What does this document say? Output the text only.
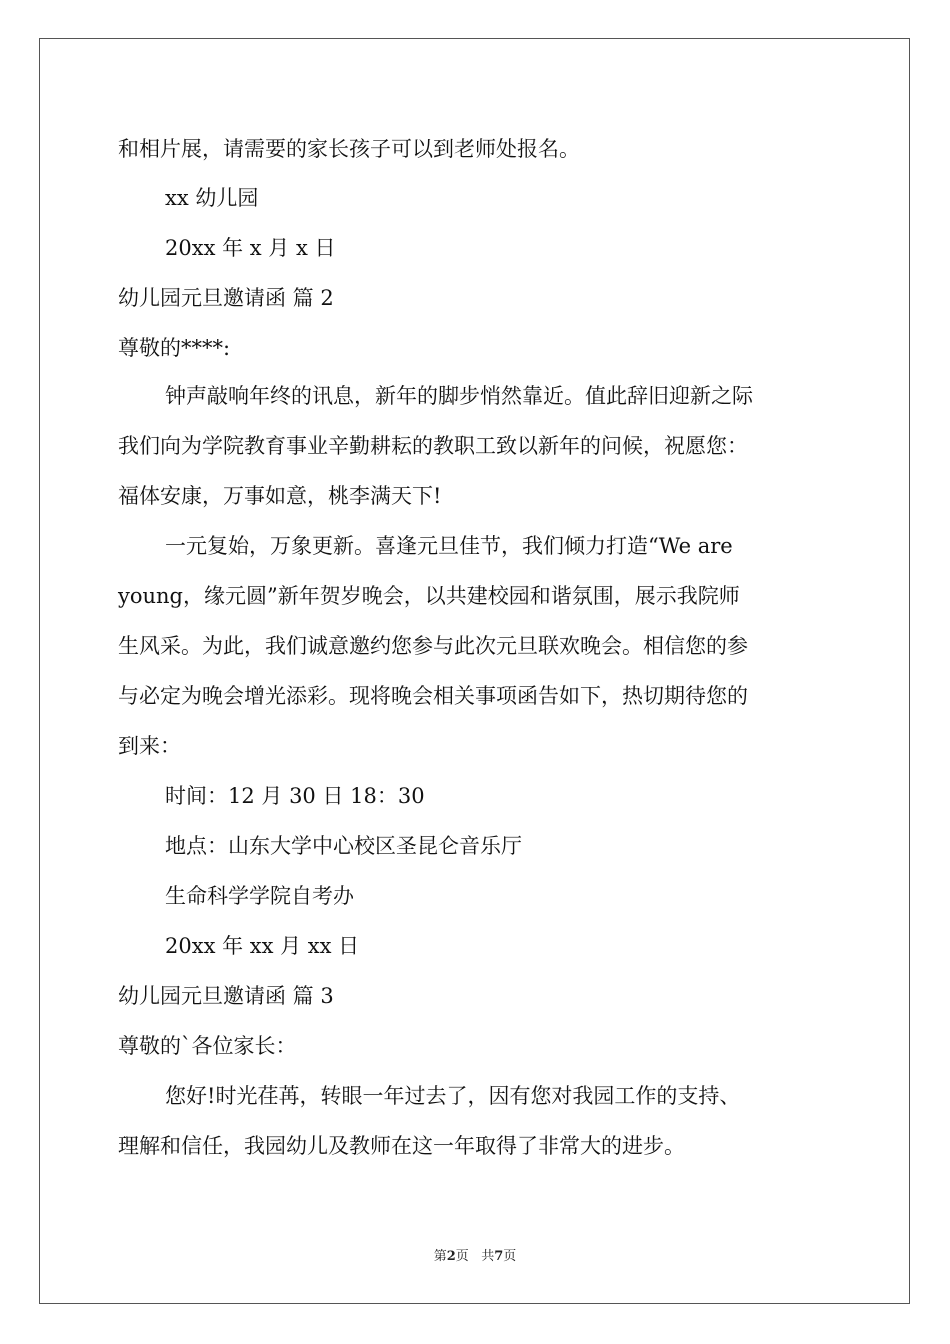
和相片展，请需要的家长孩子可以到老师处报名。
xx 幼儿园
20xx 年 x 月 x 日
幼儿园元旦邀请函 篇 2
尊敬的****:
钟声敲响年终的讯息，新年的脚步悄然靠近。值此辞旧迎新之际
我们向为学院教育事业辛勤耕耘的教职工致以新年的问候，祝愿您：
福体安康，万事如意，桃李满天下!
一元复始，万象更新。喜逢元旦佳节，我们倾力打造“We are
young，缘元圆”新年贺岁晚会，以共建校园和谐氛围，展示我院师
生风采。为此，我们诚意邀约您参与此次元旦联欢晚会。相信您的参
与必定为晚会增光添彩。现将晚会相关事项函告如下，热切期待您的
到来：
时间：12 月 30 日 18：30
地点：山东大学中心校区圣昆仑音乐厅
生命科学学院自考办
20xx 年 xx 月 xx 日
幼儿园元旦邀请函 篇 3
尊敬的`各位家长：
您好!时光荏苒，转眼一年过去了，因有您对我园工作的支持、
理解和信任，我园幼儿及教师在这一年取得了非常大的进步。
第2页 共7页
